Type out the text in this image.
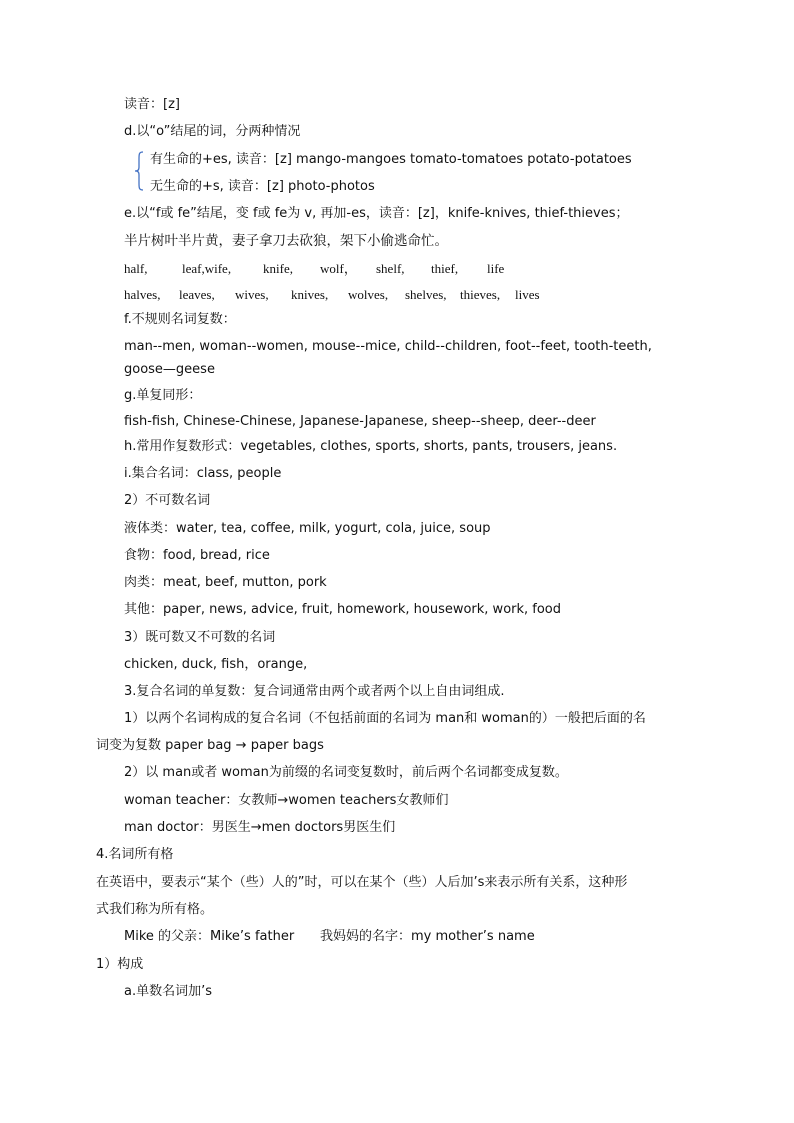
读音：[z]
d.以“o”结尾的词，分两种情况
有生命的+es, 读音：[z] mango-mangoes tomato-tomatoes potato-potatoes
无生命的+s, 读音：[z] photo-photos
e.以“f或 fe”结尾，变 f或 fe为 v, 再加-es，读音：[z]，knife-knives, thief-thieves；
半片树叶半片黄，妻子拿刀去砍狼，架下小偷逃命忙。
half,	leaf,wife, knife, wolf， shelf, thief, life
halves, leaves, wives, knives, wolves, shelves, thieves, lives
f.不规则名词复数：
man--men, woman--women, mouse--mice, child--children, foot--feet, tooth-teeth,
goose—geese
g.单复同形：
fish-fish, Chinese-Chinese, Japanese-Japanese, sheep--sheep, deer--deer
h.常用作复数形式：vegetables, clothes, sports, shorts, pants, trousers, jeans.
i.集合名词：class, people
2）不可数名词
液体类：water, tea, coffee, milk, yogurt, cola, juice, soup
食物：food, bread, rice
肉类：meat, beef, mutton, pork
其他：paper, news, advice, fruit, homework, housework, work, food
3）既可数又不可数的名词
chicken, duck, fish，orange,
3.复合名词的单复数：复合词通常由两个或者两个以上自由词组成.
1）以两个名词构成的复合名词（不包括前面的名词为 man和 woman的）一般把后面的名
词变为复数 paper bag → paper bags
2）以 man或者 woman为前缀的名词变复数时，前后两个名词都变成复数。
woman teacher：女教师→women teachers女教师们
man doctor：男医生→men doctors男医生们
4.名词所有格
在英语中，要表示“某个（些）人的”时，可以在某个（些）人后加’s来表示所有关系，这种形
式我们称为所有格。
Mike 的父亲：Mike’s father 我妈妈的名字：my mother’s name
1）构成
a.单数名词加’s
